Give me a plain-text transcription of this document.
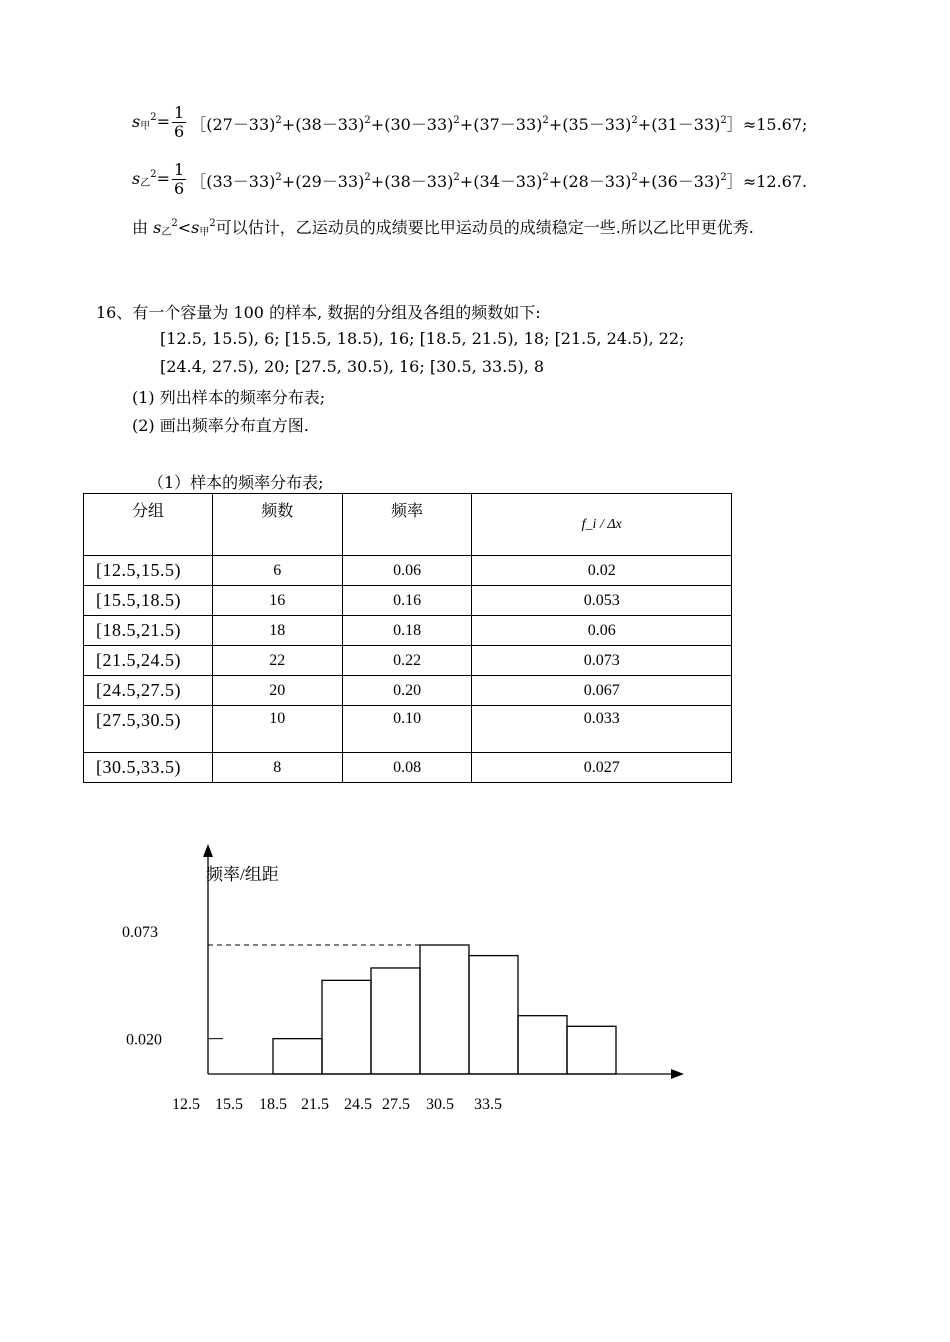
$s_甲^2= \frac{1}{6}$ $[(27-33)^2+(38-33)^2+(30-33)^2+(37-33)^2+(35-33)^2+(31-33)^2]\approx 15.67$;
$s_乙^2= \frac{1}{6}$ $[(33-33)^2+(29-33)^2+(38-33)^2+(34-33)^2+(28-33)^2+(36-33)^2]\approx 12.67$.
由 $s_乙^2<s_甲^2$可以估计，乙运动员的成绩要比甲运动员的成绩稳定一些.所以乙比甲更优秀.
16、有一个容量为 100 的样本, 数据的分组及各组的频数如下:
[12.5, 15.5), 6; [15.5, 18.5), 16; [18.5, 21.5), 18; [21.5, 24.5), 22;
[24.4, 27.5), 20; [27.5, 30.5), 16; [30.5, 33.5), 8
(1) 列出样本的频率分布表;
(2) 画出频率分布直方图.
（1）样本的频率分布表;
分组	频数	频率	f_i / Δx
[12.5,15.5)	6	0.06	0.02
[15.5,18.5)	16	0.16	0.053
[18.5,21.5)	18	0.18	0.06
[21.5,24.5)	22	0.22	0.073
[24.5,27.5)	20	0.20	0.067
[27.5,30.5)	10	0.10	0.033
[30.5,33.5)	8	0.08	0.027
频率/组距
0.073
0.020
12.5 15.5 18.5 21.5 24.5 27.5 30.5 33.5
